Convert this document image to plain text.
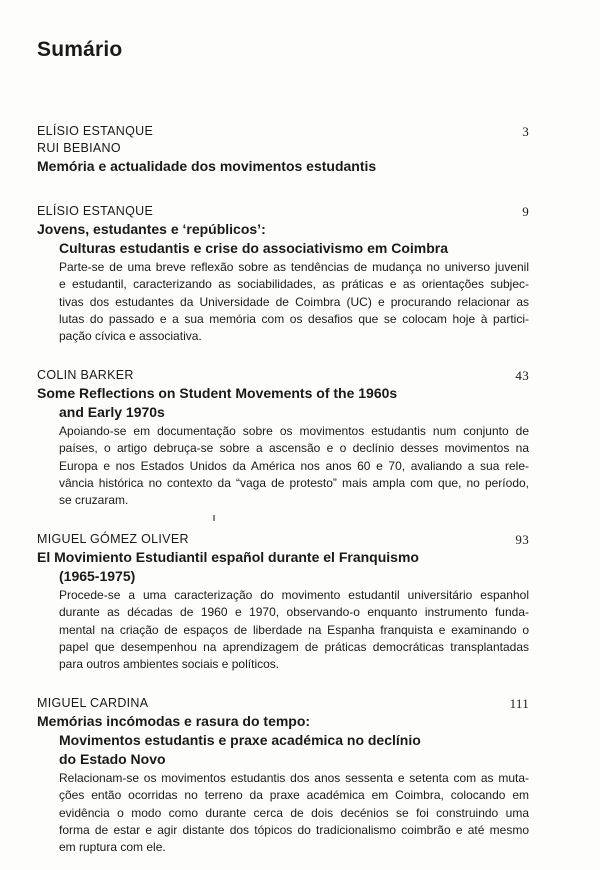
Sumário
ELÍSIO ESTANQUE	3
RUI BEBIANO
Memória e actualidade dos movimentos estudantis
ELÍSIO ESTANQUE	9
Jovens, estudantes e ‘repúblicos’:
Culturas estudantis e crise do associativismo em Coimbra
Parte-se de uma breve reflexão sobre as tendências de mudança no universo juvenil
e estudantil, caracterizando as sociabilidades, as práticas e as orientações subjec-
tivas dos estudantes da Universidade de Coimbra (UC) e procurando relacionar as
lutas do passado e a sua memória com os desafios que se colocam hoje à partici-
pação cívica e associativa.
COLIN BARKER	43
Some Reflections on Student Movements of the 1960s
and Early 1970s
Apoiando-se em documentação sobre os movimentos estudantis num conjunto de
países, o artigo debruça-se sobre a ascensão e o declínio desses movimentos na
Europa e nos Estados Unidos da América nos anos 60 e 70, avaliando a sua rele-
vância histórica no contexto da “vaga de protesto” mais ampla com que, no período,
se cruzaram.
MIGUEL GÓMEZ OLIVER	93
El Movimiento Estudiantil español durante el Franquismo
(1965-1975)
Procede-se a uma caracterização do movimento estudantil universitário espanhol
durante as décadas de 1960 e 1970, observando-o enquanto instrumento funda-
mental na criação de espaços de liberdade na Espanha franquista e examinando o
papel que desempenhou na aprendizagem de práticas democráticas transplantadas
para outros ambientes sociais e políticos.
MIGUEL CARDINA	111
Memórias incómodas e rasura do tempo:
Movimentos estudantis e praxe académica no declínio
do Estado Novo
Relacionam-se os movimentos estudantis dos anos sessenta e setenta com as muta-
ções então ocorridas no terreno da praxe académica em Coimbra, colocando em
evidência o modo como durante cerca de dois decénios se foi construindo uma
forma de estar e agir distante dos tópicos do tradicionalismo coimbrão e até mesmo
em ruptura com ele.
